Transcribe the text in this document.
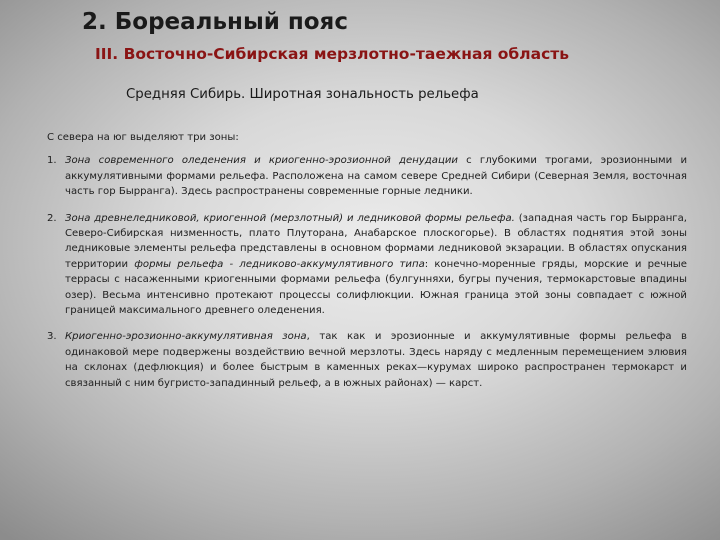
2. Бореальный пояс
III. Восточно-Сибирская мерзлотно-таежная область
Средняя Сибирь. Широтная зональность рельефа

С севера на юг выделяют три зоны:

1. Зона современного оледенения и криогенно-эрозионной денудации с глубокими трогами, эрозионными и аккумулятивными формами рельефа. Расположена на самом севере Средней Сибири (Северная Земля, восточная часть гор Бырранга). Здесь распространены современные горные ледники.
2. Зона древнеледниковой, криогенной (мерзлотный) и ледниковой формы рельефа. (западная часть гор Бырранга, Северо-Сибирская низменность, плато Плуторана, Анабарское плоскогорье). В областях поднятия этой зоны ледниковые элементы рельефа представлены в основном формами ледниковой экзарации. В областях опускания территории формы рельефа - ледниково-аккумулятивного типа: конечно-моренные гряды, морские и речные террасы с насаженными криогенными формами рельефа (булгунняхи, бугры пучения, термокарстовые впадины озер). Весьма интенсивно протекают процессы солифлюкции. Южная граница этой зоны совпадает с южной границей максимального древнего оледенения.
3. Криогенно-эрозионно-аккумулятивная зона, так как и эрозионные и аккумулятивные формы рельефа в одинаковой мере подвержены воздействию вечной мерзлоты. Здесь наряду с медленным перемещением элювия на склонах (дефлюкция) и более быстрым в каменных реках—курумах широко распространен термокарст и связанный с ним бугристо-западинный рельеф, а в южных районах) — карст.
